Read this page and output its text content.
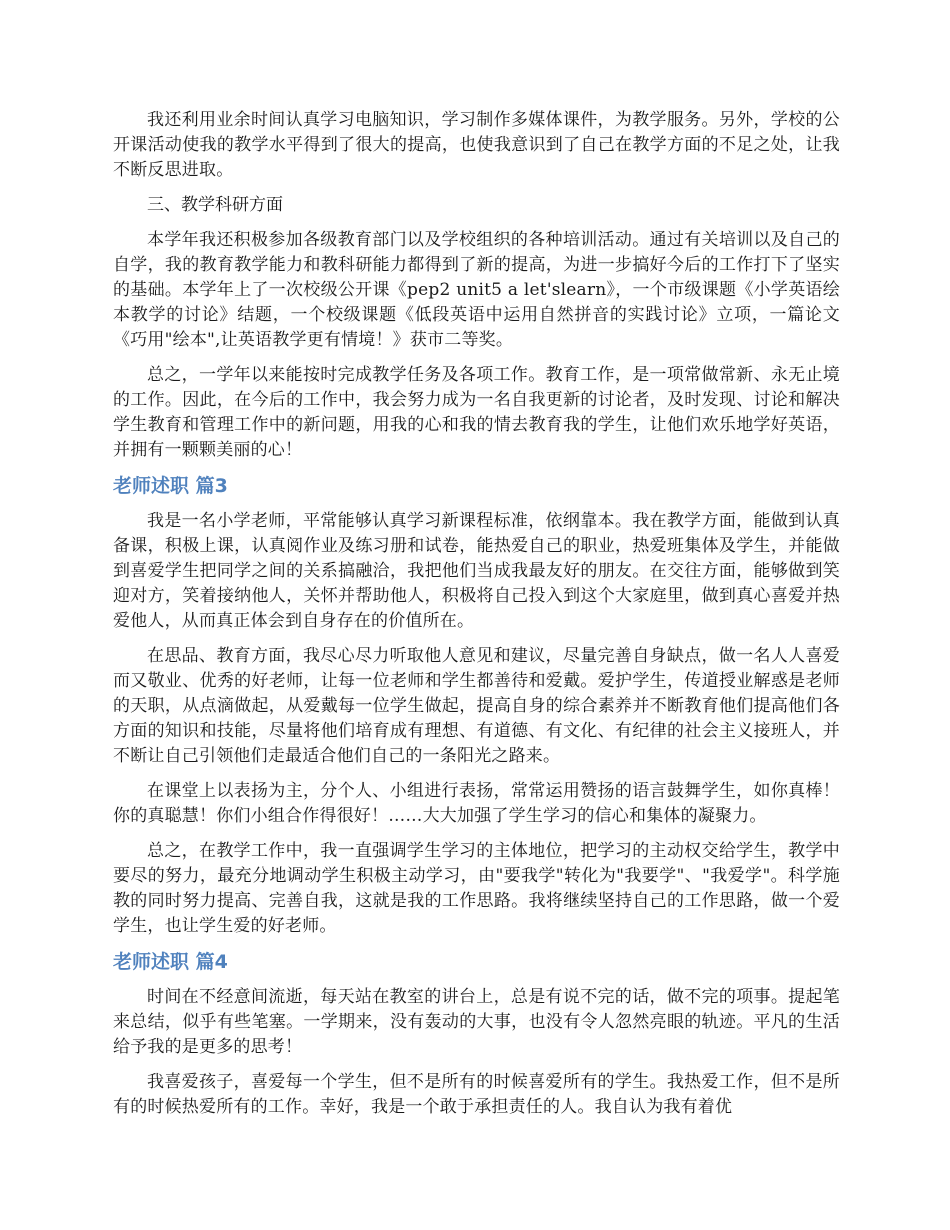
我还利用业余时间认真学习电脑知识，学习制作多媒体课件，为教学服务。另外，学校的公开课活动使我的教学水平得到了很大的提高，也使我意识到了自己在教学方面的不足之处，让我不断反思进取。

三、教学科研方面

本学年我还积极参加各级教育部门以及学校组织的各种培训活动。通过有关培训以及自己的自学，我的教育教学能力和教科研能力都得到了新的提高，为进一步搞好今后的工作打下了坚实的基础。本学年上了一次校级公开课《pep2 unit5 a let'slearn》，一个市级课题《小学英语绘本教学的讨论》结题，一个校级课题《低段英语中运用自然拼音的实践讨论》立项，一篇论文《巧用"绘本",让英语教学更有情境！》获市二等奖。

总之，一学年以来能按时完成教学任务及各项工作。教育工作，是一项常做常新、永无止境的工作。因此，在今后的工作中，我会努力成为一名自我更新的讨论者，及时发现、讨论和解决学生教育和管理工作中的新问题，用我的心和我的情去教育我的学生，让他们欢乐地学好英语，并拥有一颗颗美丽的心！

老师述职 篇3

我是一名小学老师，平常能够认真学习新课程标准，依纲靠本。我在教学方面，能做到认真备课，积极上课，认真阅作业及练习册和试卷，能热爱自己的职业，热爱班集体及学生，并能做到喜爱学生把同学之间的关系搞融洽，我把他们当成我最友好的朋友。在交往方面，能够做到笑迎对方，笑着接纳他人，关怀并帮助他人，积极将自己投入到这个大家庭里，做到真心喜爱并热爱他人，从而真正体会到自身存在的价值所在。

在思品、教育方面，我尽心尽力听取他人意见和建议，尽量完善自身缺点，做一名人人喜爱而又敬业、优秀的好老师，让每一位老师和学生都善待和爱戴。爱护学生，传道授业解惑是老师的天职，从点滴做起，从爱戴每一位学生做起，提高自身的综合素养并不断教育他们提高他们各方面的知识和技能，尽量将他们培育成有理想、有道德、有文化、有纪律的社会主义接班人，并不断让自己引领他们走最适合他们自己的一条阳光之路来。

在课堂上以表扬为主，分个人、小组进行表扬，常常运用赞扬的语言鼓舞学生，如你真棒！你的真聪慧！你们小组合作得很好！……大大加强了学生学习的信心和集体的凝聚力。

总之，在教学工作中，我一直强调学生学习的主体地位，把学习的主动权交给学生，教学中要尽的努力，最充分地调动学生积极主动学习，由"要我学"转化为"我要学"、"我爱学"。科学施教的同时努力提高、完善自我，这就是我的工作思路。我将继续坚持自己的工作思路，做一个爱学生，也让学生爱的好老师。

老师述职 篇4

时间在不经意间流逝，每天站在教室的讲台上，总是有说不完的话，做不完的项事。提起笔来总结，似乎有些笔塞。一学期来，没有轰动的大事，也没有令人忽然亮眼的轨迹。平凡的生活给予我的是更多的思考！

我喜爱孩子，喜爱每一个学生，但不是所有的时候喜爱所有的学生。我热爱工作，但不是所有的时候热爱所有的工作。幸好，我是一个敢于承担责任的人。我自认为我有着优
